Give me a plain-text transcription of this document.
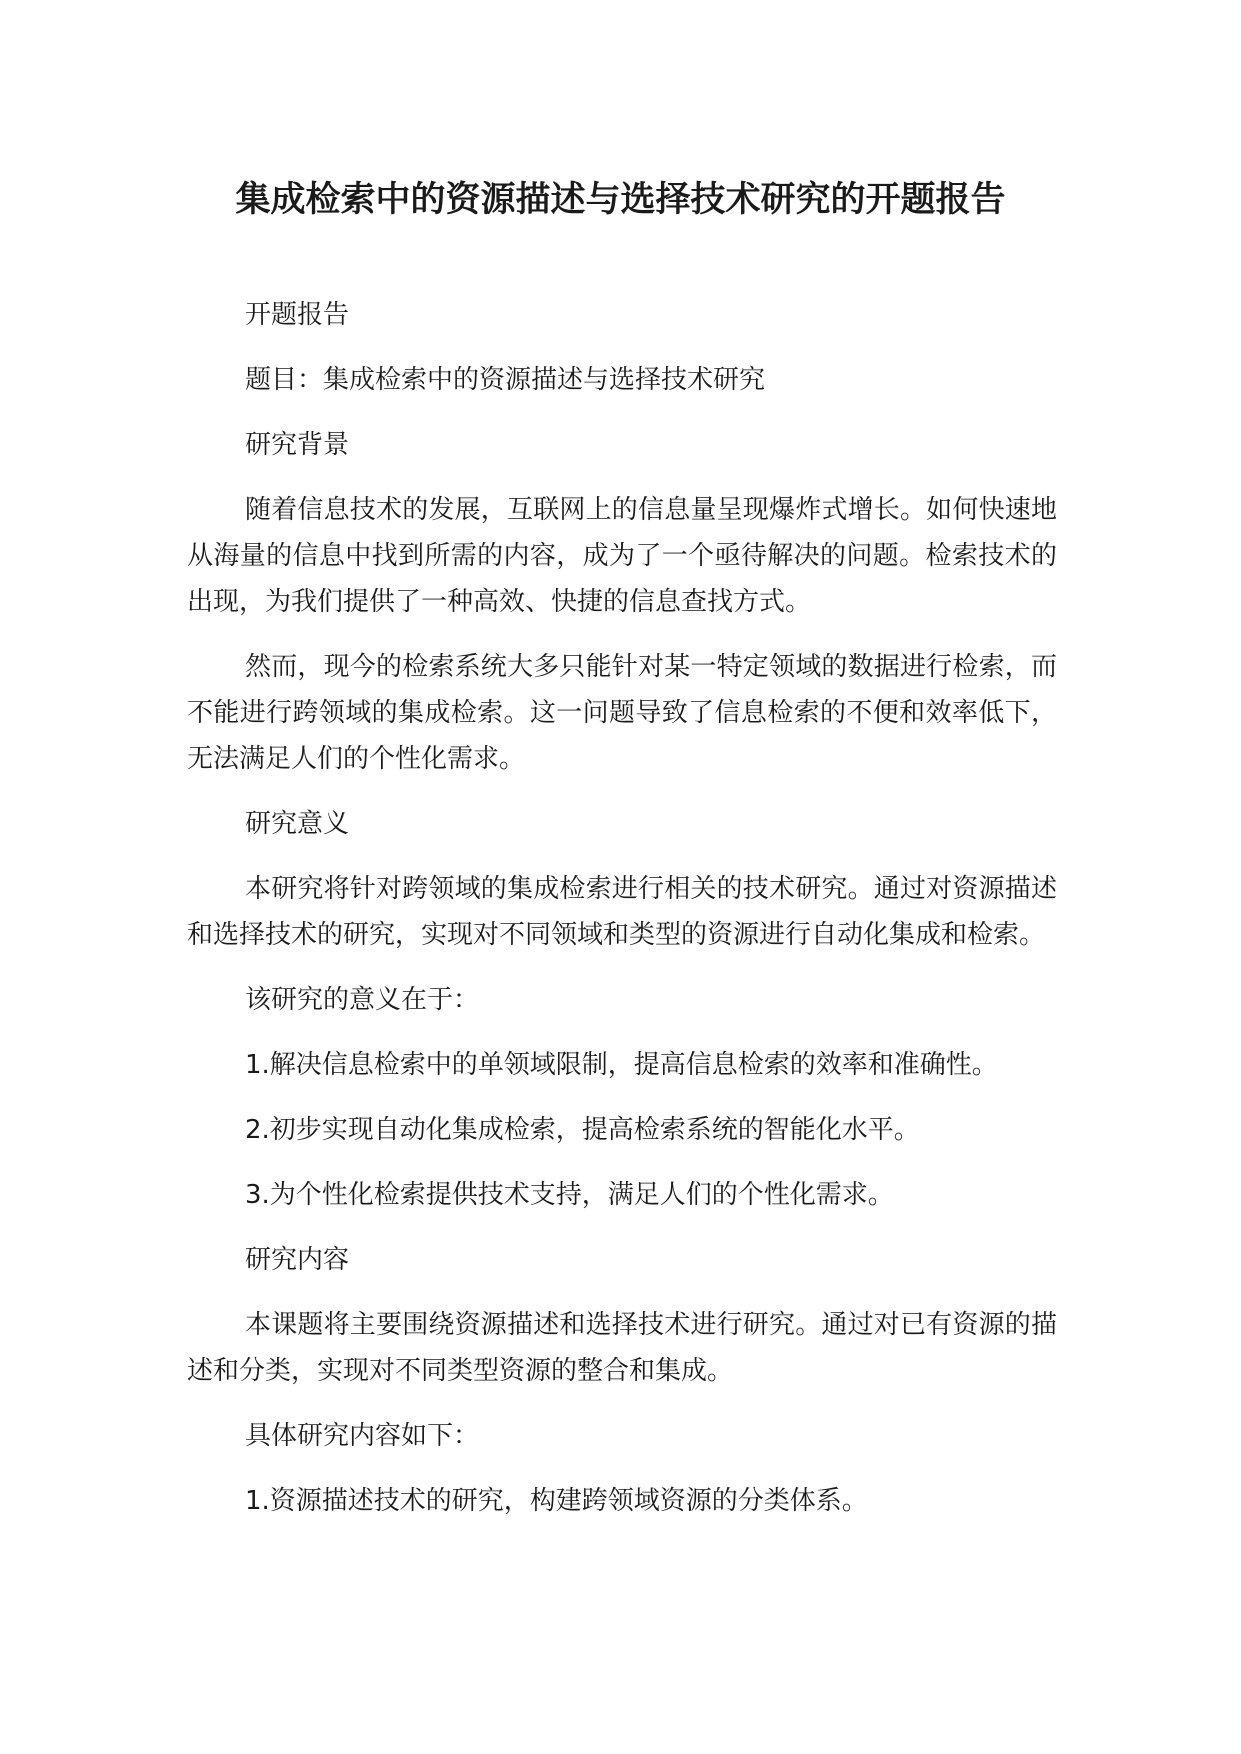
集成检索中的资源描述与选择技术研究的开题报告

开题报告

题目：集成检索中的资源描述与选择技术研究

研究背景

随着信息技术的发展，互联网上的信息量呈现爆炸式增长。如何快速地从海量的信息中找到所需的内容，成为了一个亟待解决的问题。检索技术的出现，为我们提供了一种高效、快捷的信息查找方式。

然而，现今的检索系统大多只能针对某一特定领域的数据进行检索，而不能进行跨领域的集成检索。这一问题导致了信息检索的不便和效率低下，无法满足人们的个性化需求。

研究意义

本研究将针对跨领域的集成检索进行相关的技术研究。通过对资源描述和选择技术的研究，实现对不同领域和类型的资源进行自动化集成和检索。

该研究的意义在于：

1.解决信息检索中的单领域限制，提高信息检索的效率和准确性。

2.初步实现自动化集成检索，提高检索系统的智能化水平。

3.为个性化检索提供技术支持，满足人们的个性化需求。

研究内容

本课题将主要围绕资源描述和选择技术进行研究。通过对已有资源的描述和分类，实现对不同类型资源的整合和集成。

具体研究内容如下：

1.资源描述技术的研究，构建跨领域资源的分类体系。
